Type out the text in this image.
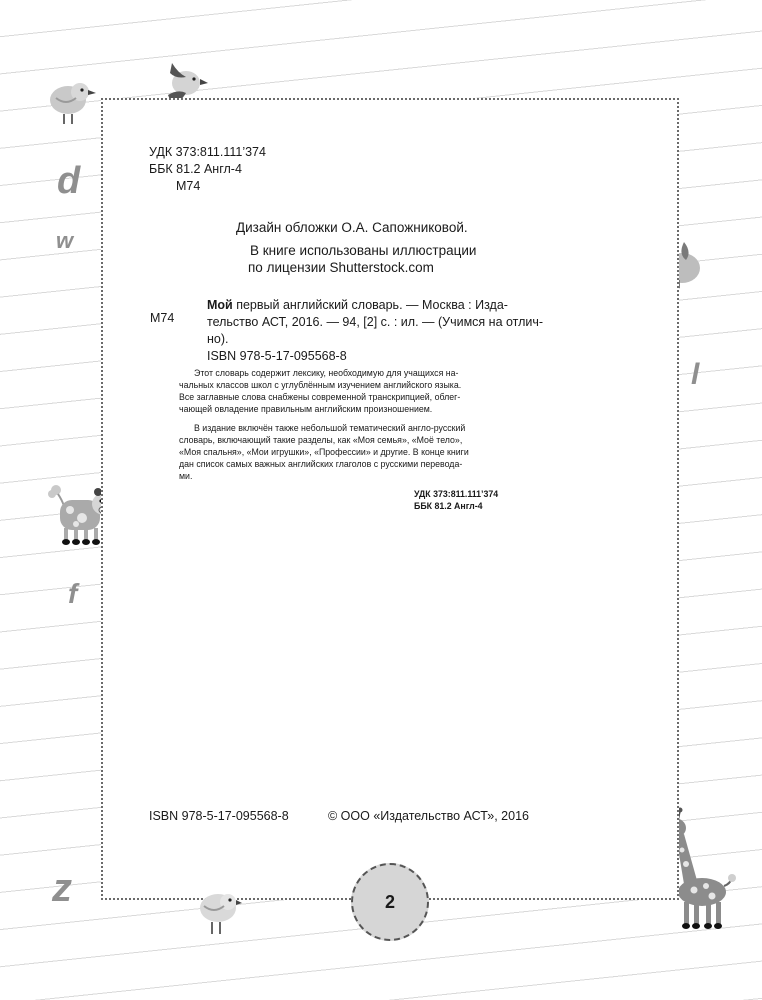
d
w
l
f
z
УДК 373:811.111’374
ББК 81.2 Англ-4
М74
Дизайн обложки О.А. Сапожниковой.
В книге использованы иллюстрации
по лицензии Shutterstock.com
М74
Мой первый английский словарь. — Москва : Издa-
тельство АСТ, 2016. — 94, [2] с. : ил. — (Учимся на отлич-
но).
ISBN 978-5-17-095568-8
Этот словарь содержит лексику, необходимую для учащихся на-
чальных классов школ с углублённым изучением английского языка.
Все заглавные слова снабжены современной транскрипцией, облег-
чающей овладение правильным английским произношением.
В издание включён также небольшой тематический англо-русский
словарь, включающий такие разделы, как «Моя семья», «Моё тело»,
«Моя спальня», «Мои игрушки», «Профессии» и другие. В конце книги
дан список самых важных английских глаголов с русскими переводa-
ми.
УДК 373:811.111’374
ББК 81.2 Англ-4
ISBN 978-5-17-095568-8	© ООО «Издательство АСТ», 2016
2
